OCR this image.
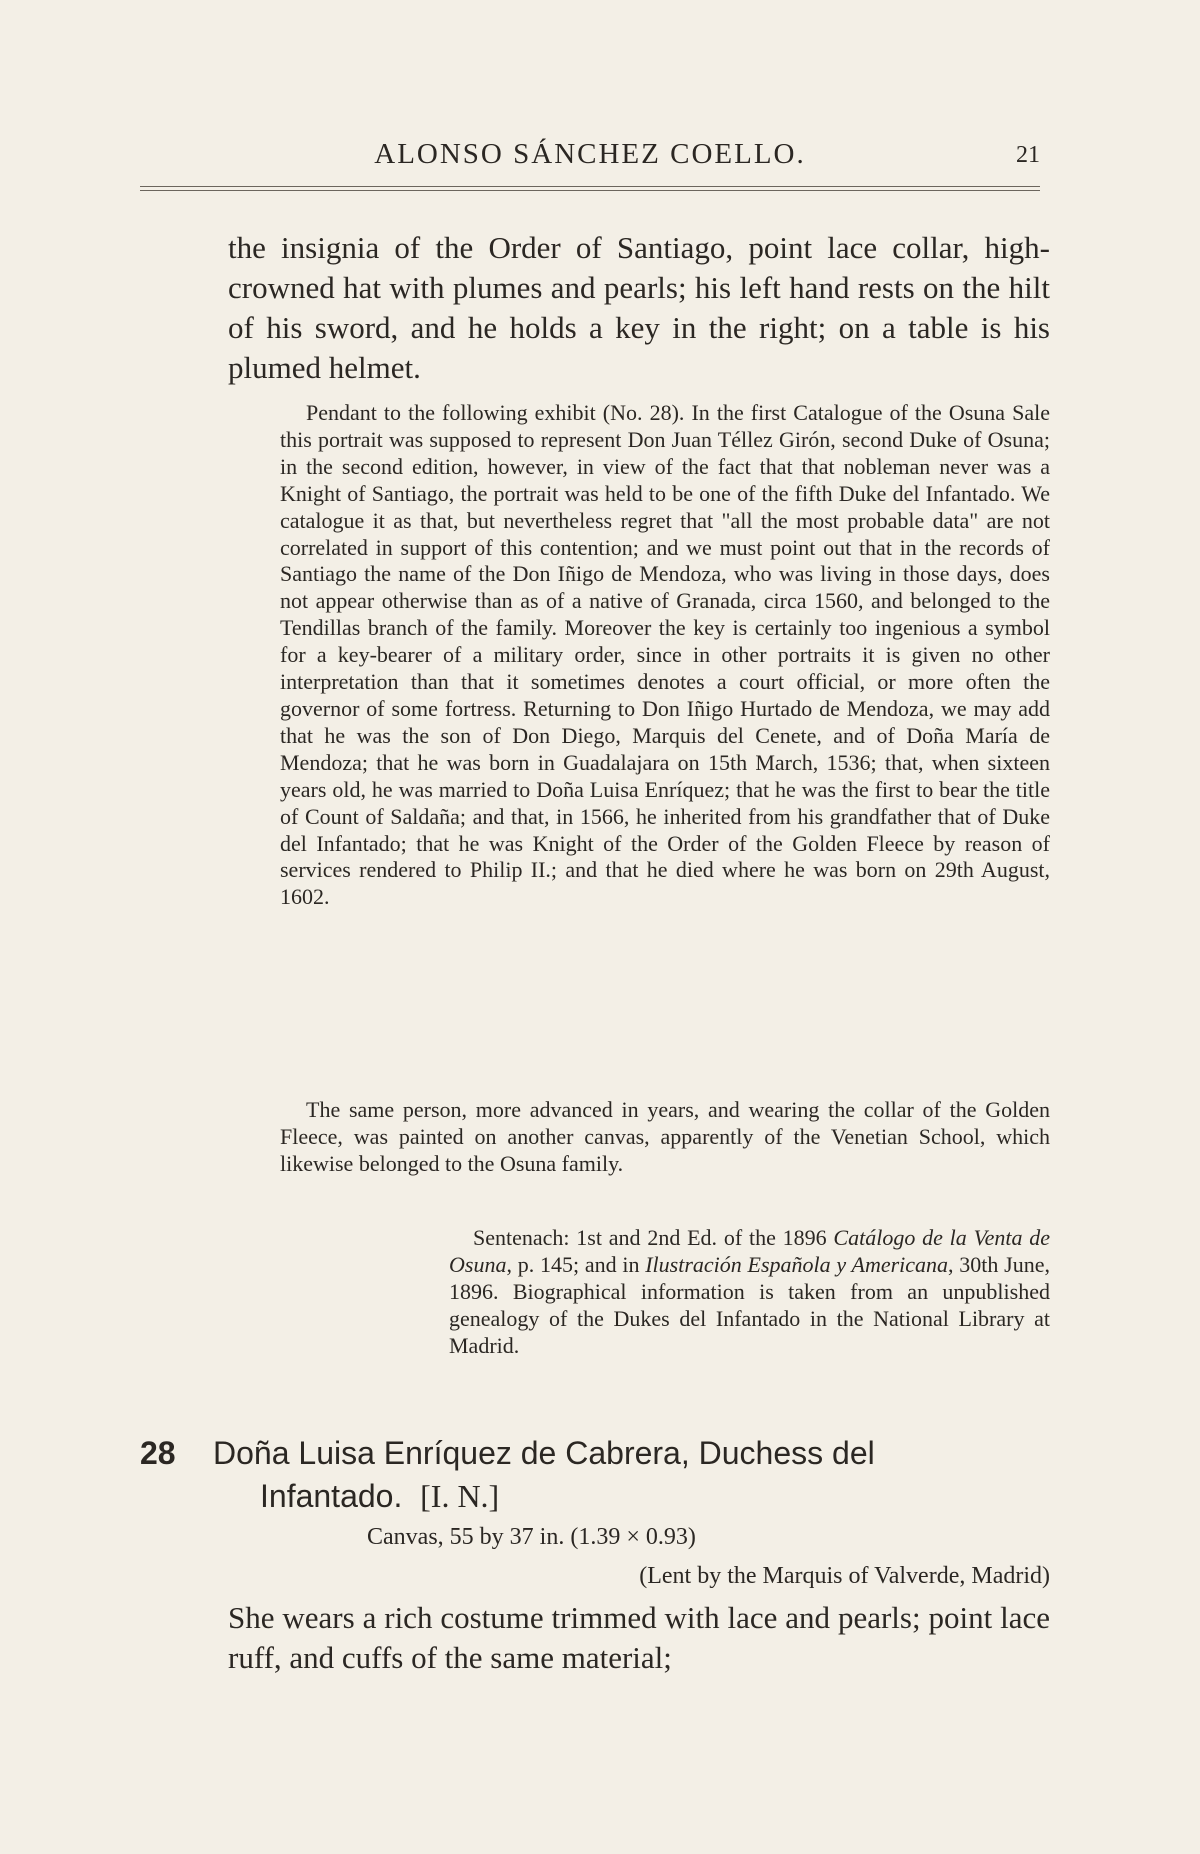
ALONSO SÁNCHEZ COELLO.	21
the insignia of the Order of Santiago, point lace collar, high-crowned hat with plumes and pearls; his left hand rests on the hilt of his sword, and he holds a key in the right; on a table is his plumed helmet.

Pendant to the following exhibit (No. 28). In the first Catalogue of the Osuna Sale this portrait was supposed to represent Don Juan Téllez Girón, second Duke of Osuna; in the second edition, however, in view of the fact that that nobleman never was a Knight of Santiago, the portrait was held to be one of the fifth Duke del Infantado. We catalogue it as that, but nevertheless regret that "all the most probable data" are not correlated in support of this contention; and we must point out that in the records of Santiago the name of the Don Iñigo de Mendoza, who was living in those days, does not appear otherwise than as of a native of Granada, circa 1560, and belonged to the Tendillas branch of the family. Moreover the key is certainly too ingenious a symbol for a key-bearer of a military order, since in other portraits it is given no other interpretation than that it sometimes denotes a court official, or more often the governor of some fortress. Returning to Don Iñigo Hurtado de Mendoza, we may add that he was the son of Don Diego, Marquis del Cenete, and of Doña María de Mendoza; that he was born in Guadalajara on 15th March, 1536; that, when sixteen years old, he was married to Doña Luisa Enríquez; that he was the first to bear the title of Count of Saldaña; and that, in 1566, he inherited from his grandfather that of Duke del Infantado; that he was Knight of the Order of the Golden Fleece by reason of services rendered to Philip II.; and that he died where he was born on 29th August, 1602.

The same person, more advanced in years, and wearing the collar of the Golden Fleece, was painted on another canvas, apparently of the Venetian School, which likewise belonged to the Osuna family.

Sentenach: 1st and 2nd Ed. of the 1896 Catálogo de la Venta de Osuna, p. 145; and in Ilustración Española y Americana, 30th June, 1896. Biographical information is taken from an unpublished genealogy of the Dukes del Infantado in the National Library at Madrid.

28 Doña Luisa Enríquez de Cabrera, Duchess del
Infantado. [I. N.]
Canvas, 55 by 37 in. (1.39 × 0.93)
(Lent by the Marquis of Valverde, Madrid)
She wears a rich costume trimmed with lace and pearls; point lace ruff, and cuffs of the same material;
